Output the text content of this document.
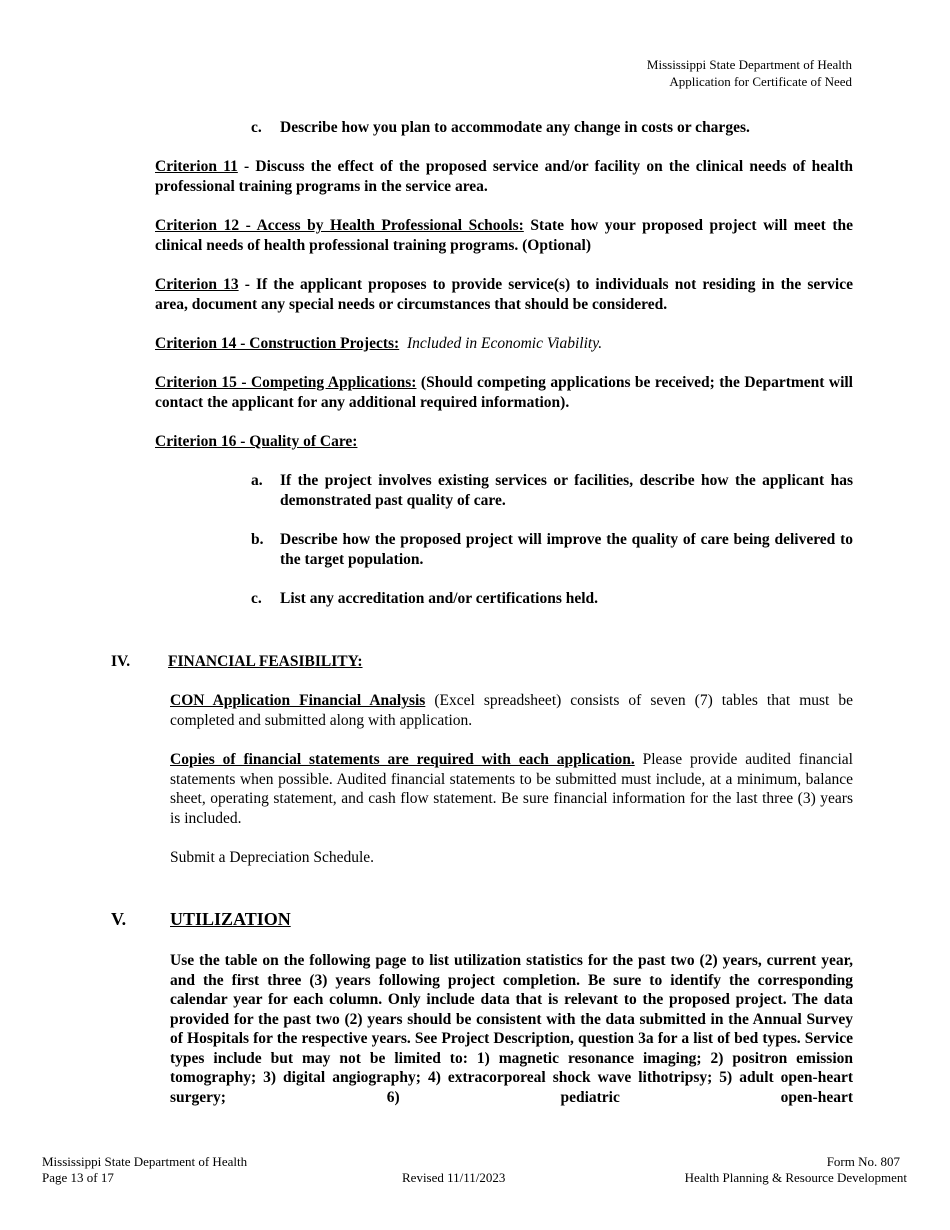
Mississippi State Department of Health
Application for Certificate of Need
c. Describe how you plan to accommodate any change in costs or charges.
Criterion 11 - Discuss the effect of the proposed service and/or facility on the clinical needs of health professional training programs in the service area.
Criterion 12 - Access by Health Professional Schools: State how your proposed project will meet the clinical needs of health professional training programs. (Optional)
Criterion 13 - If the applicant proposes to provide service(s) to individuals not residing in the service area, document any special needs or circumstances that should be considered.
Criterion 14 - Construction Projects: Included in Economic Viability.
Criterion 15 - Competing Applications: (Should competing applications be received; the Department will contact the applicant for any additional required information).
Criterion 16 - Quality of Care:
a. If the project involves existing services or facilities, describe how the applicant has demonstrated past quality of care.
b. Describe how the proposed project will improve the quality of care being delivered to the target population.
c. List any accreditation and/or certifications held.
IV. FINANCIAL FEASIBILITY:
CON Application Financial Analysis (Excel spreadsheet) consists of seven (7) tables that must be completed and submitted along with application.
Copies of financial statements are required with each application. Please provide audited financial statements when possible. Audited financial statements to be submitted must include, at a minimum, balance sheet, operating statement, and cash flow statement. Be sure financial information for the last three (3) years is included.
Submit a Depreciation Schedule.
V. UTILIZATION
Use the table on the following page to list utilization statistics for the past two (2) years, current year, and the first three (3) years following project completion. Be sure to identify the corresponding calendar year for each column. Only include data that is relevant to the proposed project. The data provided for the past two (2) years should be consistent with the data submitted in the Annual Survey of Hospitals for the respective years. See Project Description, question 3a for a list of bed types. Service types include but may not be limited to: 1) magnetic resonance imaging; 2) positron emission tomography; 3) digital angiography; 4) extracorporeal shock wave lithotripsy; 5) adult open-heart surgery; 6) pediatric open-heart
Mississippi State Department of Health
Page 13 of 17	Revised 11/11/2023
Form No. 807
Health Planning & Resource Development
